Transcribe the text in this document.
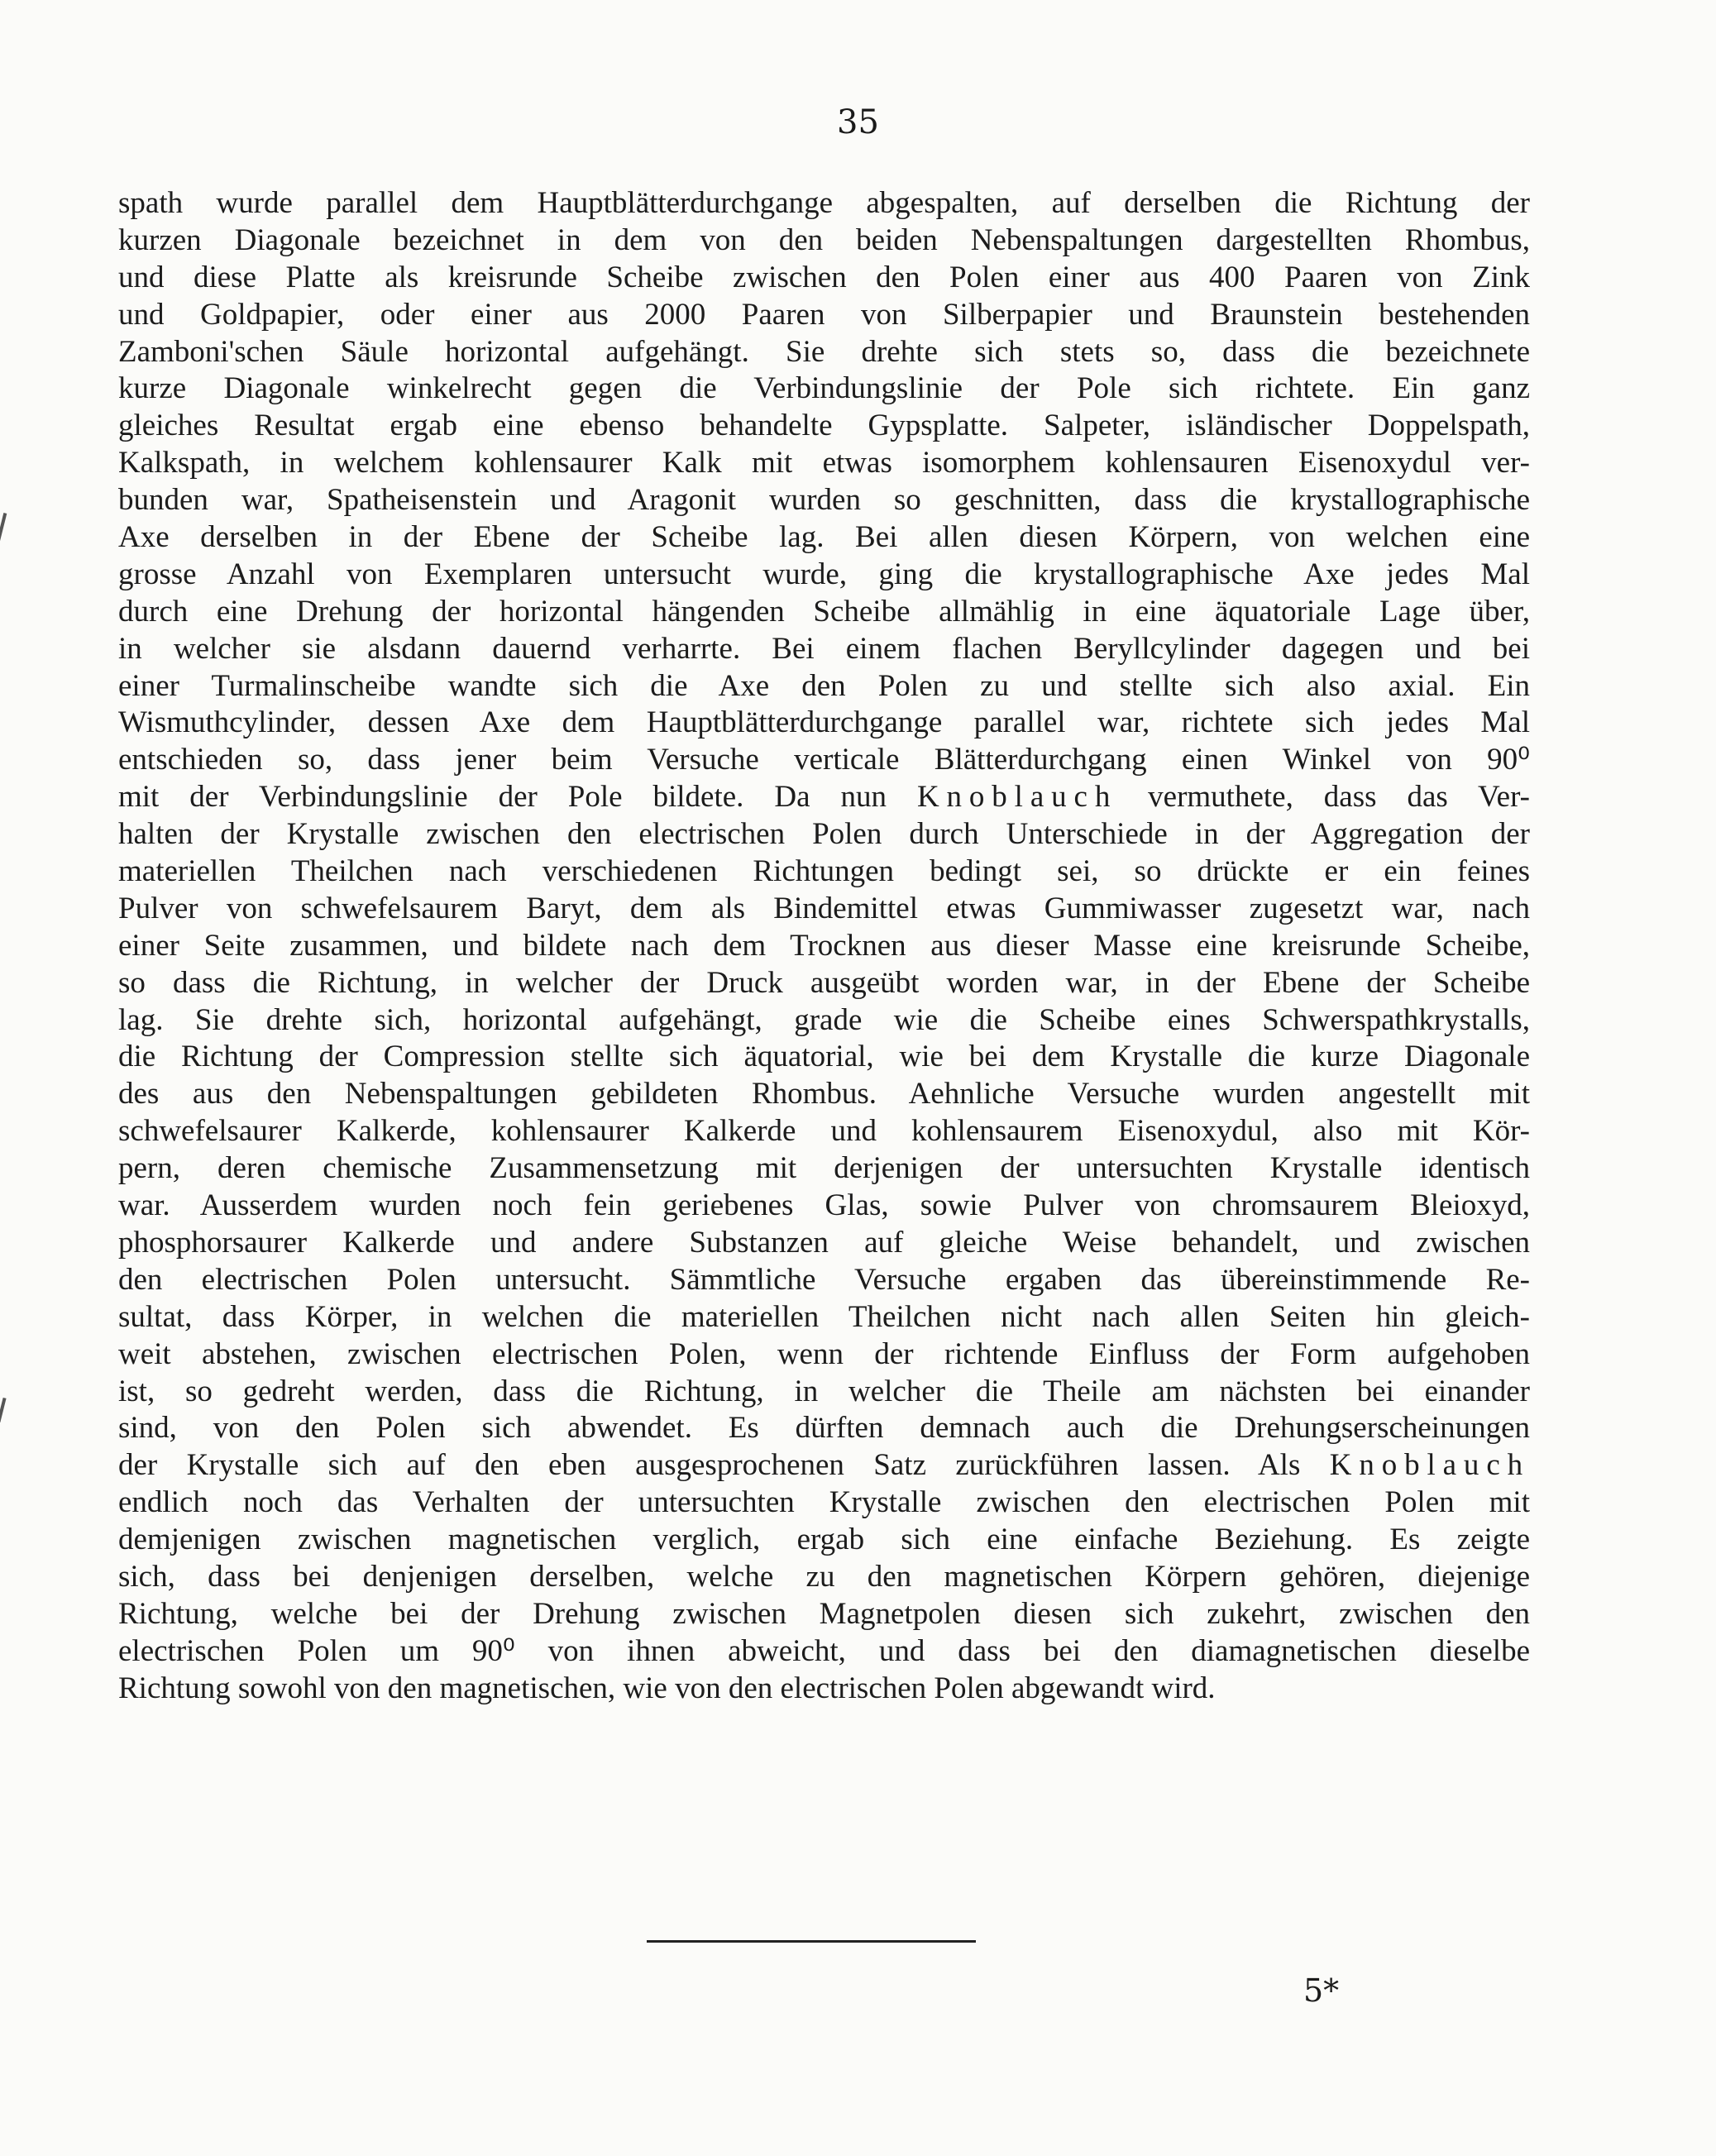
35
spath wurde parallel dem Hauptblätterdurchgange abgespalten, auf derselben die Richtung der
kurzen Diagonale bezeichnet in dem von den beiden Nebenspaltungen dargestellten Rhombus,
und diese Platte als kreisrunde Scheibe zwischen den Polen einer aus 400 Paaren von Zink
und Goldpapier, oder einer aus 2000 Paaren von Silberpapier und Braunstein bestehenden
Zamboni'schen Säule horizontal aufgehängt. Sie drehte sich stets so, dass die bezeichnete
kurze Diagonale winkelrecht gegen die Verbindungslinie der Pole sich richtete. Ein ganz
gleiches Resultat ergab eine ebenso behandelte Gypsplatte. Salpeter, isländischer Doppelspath,
Kalkspath, in welchem kohlensaurer Kalk mit etwas isomorphem kohlensauren Eisenoxydul ver-
bunden war, Spatheisenstein und Aragonit wurden so geschnitten, dass die krystallographische
Axe derselben in der Ebene der Scheibe lag. Bei allen diesen Körpern, von welchen eine
grosse Anzahl von Exemplaren untersucht wurde, ging die krystallographische Axe jedes Mal
durch eine Drehung der horizontal hängenden Scheibe allmählig in eine äquatoriale Lage über,
in welcher sie alsdann dauernd verharrte. Bei einem flachen Beryllcylinder dagegen und bei
einer Turmalinscheibe wandte sich die Axe den Polen zu und stellte sich also axial. Ein
Wismuthcylinder, dessen Axe dem Hauptblätterdurchgange parallel war, richtete sich jedes Mal
entschieden so, dass jener beim Versuche verticale Blätterdurchgang einen Winkel von 90⁰
mit der Verbindungslinie der Pole bildete. Da nun Knoblauch vermuthete, dass das Ver-
halten der Krystalle zwischen den electrischen Polen durch Unterschiede in der Aggregation der
materiellen Theilchen nach verschiedenen Richtungen bedingt sei, so drückte er ein feines
Pulver von schwefelsaurem Baryt, dem als Bindemittel etwas Gummiwasser zugesetzt war, nach
einer Seite zusammen, und bildete nach dem Trocknen aus dieser Masse eine kreisrunde Scheibe,
so dass die Richtung, in welcher der Druck ausgeübt worden war, in der Ebene der Scheibe
lag. Sie drehte sich, horizontal aufgehängt, grade wie die Scheibe eines Schwerspathkrystalls,
die Richtung der Compression stellte sich äquatorial, wie bei dem Krystalle die kurze Diagonale
des aus den Nebenspaltungen gebildeten Rhombus. Aehnliche Versuche wurden angestellt mit
schwefelsaurer Kalkerde, kohlensaurer Kalkerde und kohlensaurem Eisenoxydul, also mit Kör-
pern, deren chemische Zusammensetzung mit derjenigen der untersuchten Krystalle identisch
war. Ausserdem wurden noch fein geriebenes Glas, sowie Pulver von chromsaurem Bleioxyd,
phosphorsaurer Kalkerde und andere Substanzen auf gleiche Weise behandelt, und zwischen
den electrischen Polen untersucht. Sämmtliche Versuche ergaben das übereinstimmende Re-
sultat, dass Körper, in welchen die materiellen Theilchen nicht nach allen Seiten hin gleich-
weit abstehen, zwischen electrischen Polen, wenn der richtende Einfluss der Form aufgehoben
ist, so gedreht werden, dass die Richtung, in welcher die Theile am nächsten bei einander
sind, von den Polen sich abwendet. Es dürften demnach auch die Drehungserscheinungen
der Krystalle sich auf den eben ausgesprochenen Satz zurückführen lassen. Als Knoblauch
endlich noch das Verhalten der untersuchten Krystalle zwischen den electrischen Polen mit
demjenigen zwischen magnetischen verglich, ergab sich eine einfache Beziehung. Es zeigte
sich, dass bei denjenigen derselben, welche zu den magnetischen Körpern gehören, diejenige
Richtung, welche bei der Drehung zwischen Magnetpolen diesen sich zukehrt, zwischen den
electrischen Polen um 90⁰ von ihnen abweicht, und dass bei den diamagnetischen dieselbe
Richtung sowohl von den magnetischen, wie von den electrischen Polen abgewandt wird.
5*
